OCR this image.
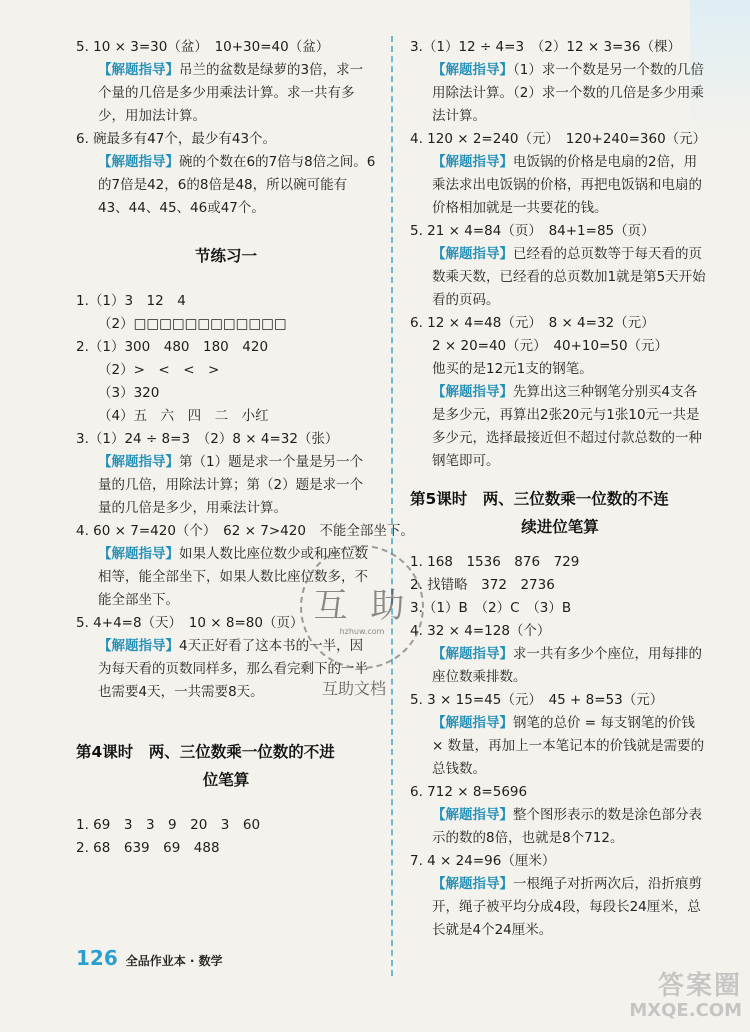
5. 10 × 3=30（盆）　10+30=40（盆）
【解题指导】吊兰的盆数是绿萝的3倍，求一个量的几倍是多少用乘法计算。求一共有多少，用加法计算。
6. 碗最多有47个，最少有43个。
【解题指导】碗的个数在6的7倍与8倍之间。6的7倍是42，6的8倍是48，所以碗可能有43、44、45、46或47个。
节练习一
1.（1）3　12　4
（2）□□□□□□□□□□□□
2.（1）300　480　180　420
（2）>　<　<　>
（3）320
（4）五　六　四　二　小红
3.（1）24 ÷ 8=3　（2）8 × 4=32（张）
【解题指导】第（1）题是求一个量是另一个量的几倍，用除法计算；第（2）题是求一个量的几倍是多少，用乘法计算。
4. 60 × 7=420（个）　62 × 7>420　不能全部坐下。
【解题指导】如果人数比座位数少或和座位数相等，能全部坐下，如果人数比座位数多，不能全部坐下。
5. 4+4=8（天）　10 × 8=80（页）
【解题指导】4天正好看了这本书的一半，因为每天看的页数同样多，那么看完剩下的一半也需要4天，一共需要8天。
第4课时　两、三位数乘一位数的不进
位笔算
1. 69　3　3　9　20　3　60
2. 68　639　69　488
3.（1）12 ÷ 4=3　（2）12 × 3=36（棵）
【解题指导】（1）求一个数是另一个数的几倍用除法计算。（2）求一个数的几倍是多少用乘法计算。
4. 120 × 2=240（元）　120+240=360（元）
【解题指导】电饭锅的价格是电扇的2倍，用乘法求出电饭锅的价格，再把电饭锅和电扇的价格相加就是一共要花的钱。
5. 21 × 4=84（页）　84+1=85（页）
【解题指导】已经看的总页数等于每天看的页数乘天数，已经看的总页数加1就是第5天开始看的页码。
6. 12 × 4=48（元）　8 × 4=32（元）
2 × 20=40（元）　40+10=50（元）
他买的是12元1支的钢笔。
【解题指导】先算出这三种钢笔分别买4支各是多少元，再算出2张20元与1张10元一共是多少元，选择最接近但不超过付款总数的一种钢笔即可。
第5课时　两、三位数乘一位数的不连
续进位笔算
1. 168　1536　876　729
2. 找错略　372　2736
3.（1）B　（2）C　（3）B
4. 32 × 4=128（个）
【解题指导】求一共有多少个座位，用每排的座位数乘排数。
5. 3 × 15=45（元）　45 + 8=53（元）
【解题指导】钢笔的总价 = 每支钢笔的价钱 × 数量，再加上一本笔记本的价钱就是需要的总钱数。
6. 712 × 8=5696
【解题指导】整个图形表示的数是涂色部分表示的数的8倍，也就是8个712。
7. 4 × 24=96（厘米）
【解题指导】一根绳子对折两次后，沿折痕剪开，绳子被平均分成4段，每段长24厘米，总长就是4个24厘米。
互 助
hzhuw.com
互助文档
126 全品作业本 · 数学
答案圈
MXQE.COM
